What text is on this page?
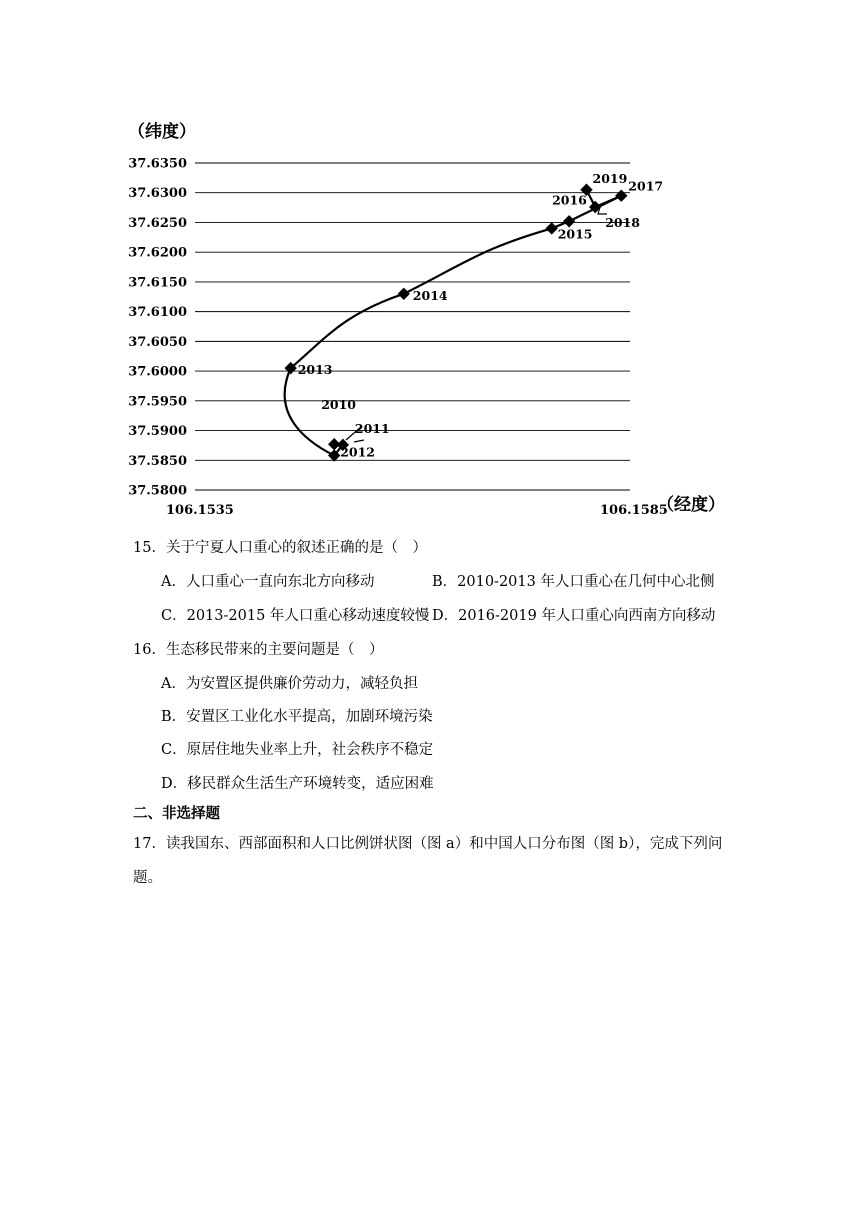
（纬度）
37.6350
37.6300
37.6250
37.6200
37.6150
37.6100
37.6050
37.6000
37.5950
37.5900
37.5850
37.5800
106.1535	106.1585
（经度）
2010
2011
2012
2013
2014
2015
2016
2017
2018
2019
15．关于宁夏人口重心的叙述正确的是（　）
A．人口重心一直向东北方向移动	B．2010-2013 年人口重心在几何中心北侧
C．2013-2015 年人口重心移动速度较慢 D．2016-2019 年人口重心向西南方向移动
16．生态移民带来的主要问题是（　）
A．为安置区提供廉价劳动力，减轻负担
B．安置区工业化水平提高，加剧环境污染
C．原居住地失业率上升，社会秩序不稳定
D．移民群众生活生产环境转变，适应困难
二、非选择题
17．读我国东、西部面积和人口比例饼状图（图 a）和中国人口分布图（图 b），完成下列问
题。
